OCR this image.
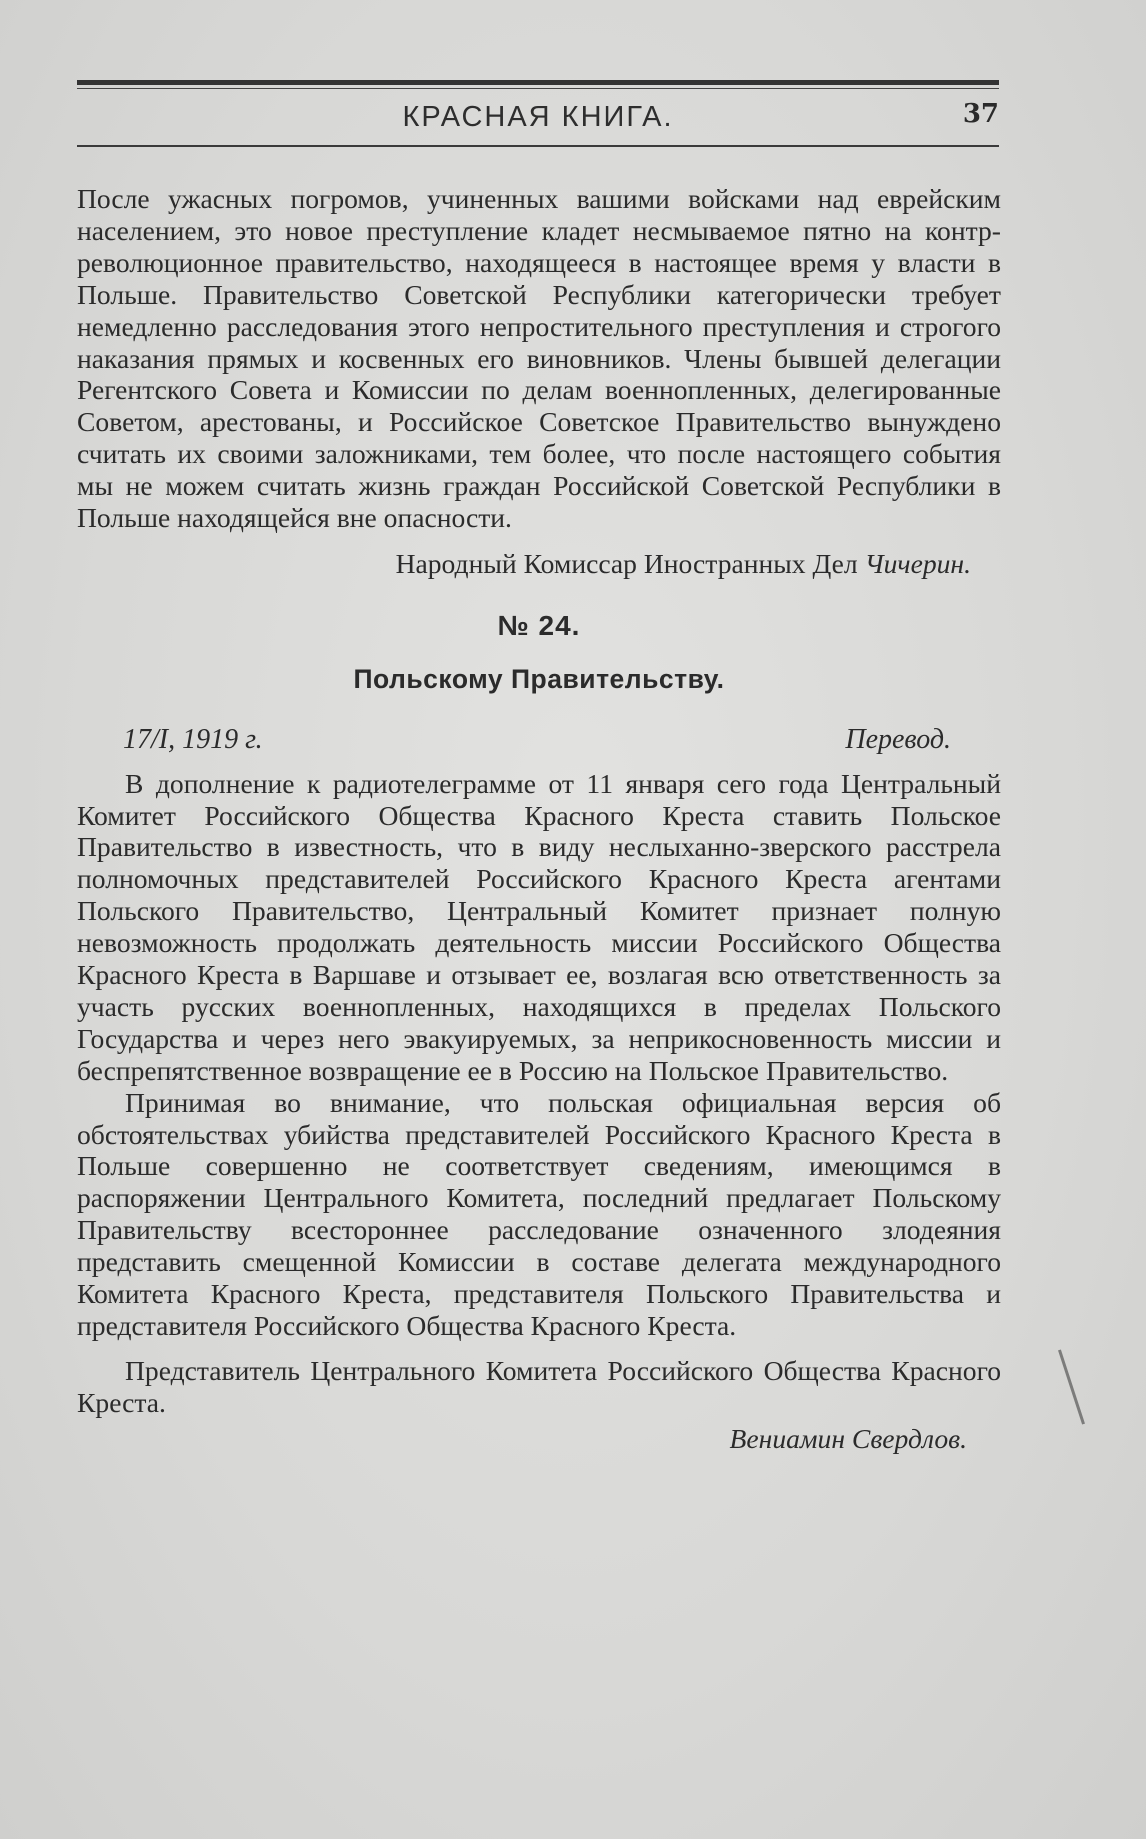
КРАСНАЯ КНИГА.	37

После ужасных погромов, учиненных вашими войсками над еврейским населением, это новое преступление кладет несмываемое пятно на контр-революционное правительство, находящееся в настоящее время у власти в Польше. Правительство Советской Республики категорически требует немедленно расследования этого непростительного преступления и строгого наказания прямых и косвенных его виновников. Члены бывшей делегации Регентского Совета и Комиссии по делам военнопленных, делегированные Советом, арестованы, и Российское Советское Правительство вынуждено считать их своими заложниками, тем более, что после настоящего события мы не можем считать жизнь граждан Российской Советской Республики в Польше находящейся вне опасности.

Народный Комиссар Иностранных Дел Чичерин.

№ 24.
Польскому Правительству.
17/I, 1919 г.	Перевод.

В дополнение к радиотелеграмме от 11 января сего года Центральный Комитет Российского Общества Красного Креста ставить Польское Правительство в известность, что в виду неслыханно-зверского расстрела полномочных представителей Российского Красного Креста агентами Польского Правительство, Центральный Комитет признает полную невозможность продолжать деятельность миссии Российского Общества Красного Креста в Варшаве и отзывает ее, возлагая всю ответственность за участь русских военнопленных, находящихся в пределах Польского Государства и через него эвакуируемых, за неприкосновенность миссии и беспрепятственное возвращение ее в Россию на Польское Правительство.

Принимая во внимание, что польская официальная версия об обстоятельствах убийства представителей Российского Красного Креста в Польше совершенно не соответствует сведениям, имеющимся в распоряжении Центрального Комитета, последний предлагает Польскому Правительству всестороннее расследование означенного злодеяния представить смещенной Комиссии в составе делегата международного Комитета Красного Креста, представителя Польского Правительства и представителя Российского Общества Красного Креста.

Представитель Центрального Комитета Российского Общества Красного Креста.

Вениамин Свердлов.
